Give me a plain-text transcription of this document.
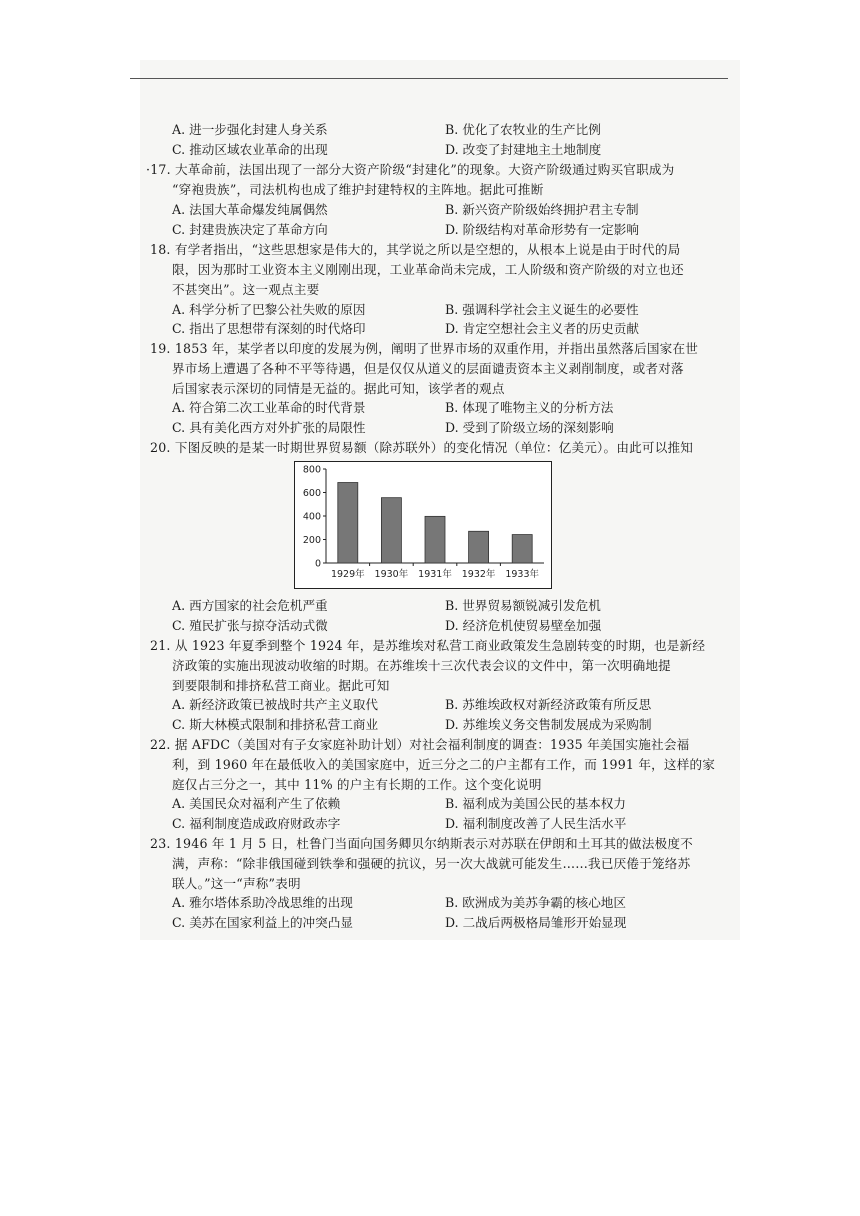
A. 进一步强化封建人身关系	B. 优化了农牧业的生产比例
C. 推动区域农业革命的出现	D. 改变了封建地主土地制度
·17. 大革命前，法国出现了一部分大资产阶级“封建化”的现象。大资产阶级通过购买官职成为
“穿袍贵族”，司法机构也成了维护封建特权的主阵地。据此可推断
A. 法国大革命爆发纯属偶然	B. 新兴资产阶级始终拥护君主专制
C. 封建贵族决定了革命方向	D. 阶级结构对革命形势有一定影响
18. 有学者指出，“这些思想家是伟大的，其学说之所以是空想的，从根本上说是由于时代的局
限，因为那时工业资本主义刚刚出现，工业革命尚未完成，工人阶级和资产阶级的对立也还
不甚突出”。这一观点主要
A. 科学分析了巴黎公社失败的原因	B. 强调科学社会主义诞生的必要性
C. 指出了思想带有深刻的时代烙印	D. 肯定空想社会主义者的历史贡献
19. 1853 年，某学者以印度的发展为例，阐明了世界市场的双重作用，并指出虽然落后国家在世
界市场上遭遇了各种不平等待遇，但是仅仅从道义的层面谴责资本主义剥削制度，或者对落
后国家表示深切的同情是无益的。据此可知，该学者的观点
A. 符合第二次工业革命的时代背景	B. 体现了唯物主义的分析方法
C. 具有美化西方对外扩张的局限性	D. 受到了阶级立场的深刻影响
20. 下图反映的是某一时期世界贸易额（除苏联外）的变化情况（单位：亿美元）。由此可以推知
0
200
400
600
800
1929年 1930年 1931年 1932年 1933年
A. 西方国家的社会危机严重	B. 世界贸易额锐减引发危机
C. 殖民扩张与掠夺活动式微	D. 经济危机使贸易壁垒加强
21. 从 1923 年夏季到整个 1924 年，是苏维埃对私营工商业政策发生急剧转变的时期，也是新经
济政策的实施出现波动收缩的时期。在苏维埃十三次代表会议的文件中，第一次明确地提
到要限制和排挤私营工商业。据此可知
A. 新经济政策已被战时共产主义取代	B. 苏维埃政权对新经济政策有所反思
C. 斯大林模式限制和排挤私营工商业	D. 苏维埃义务交售制发展成为采购制
22. 据 AFDC（美国对有子女家庭补助计划）对社会福利制度的调查：1935 年美国实施社会福
利，到 1960 年在最低收入的美国家庭中，近三分之二的户主都有工作，而 1991 年，这样的家
庭仅占三分之一，其中 11% 的户主有长期的工作。这个变化说明
A. 美国民众对福利产生了依赖	B. 福利成为美国公民的基本权力
C. 福利制度造成政府财政赤字	D. 福利制度改善了人民生活水平
23. 1946 年 1 月 5 日，杜鲁门当面向国务卿贝尔纳斯表示对苏联在伊朗和土耳其的做法极度不
满，声称：“除非俄国碰到铁拳和强硬的抗议，另一次大战就可能发生……我已厌倦于笼络苏
联人。”这一“声称”表明
A. 雅尔塔体系助冷战思维的出现	B. 欧洲成为美苏争霸的核心地区
C. 美苏在国家利益上的冲突凸显	D. 二战后两极格局雏形开始显现
